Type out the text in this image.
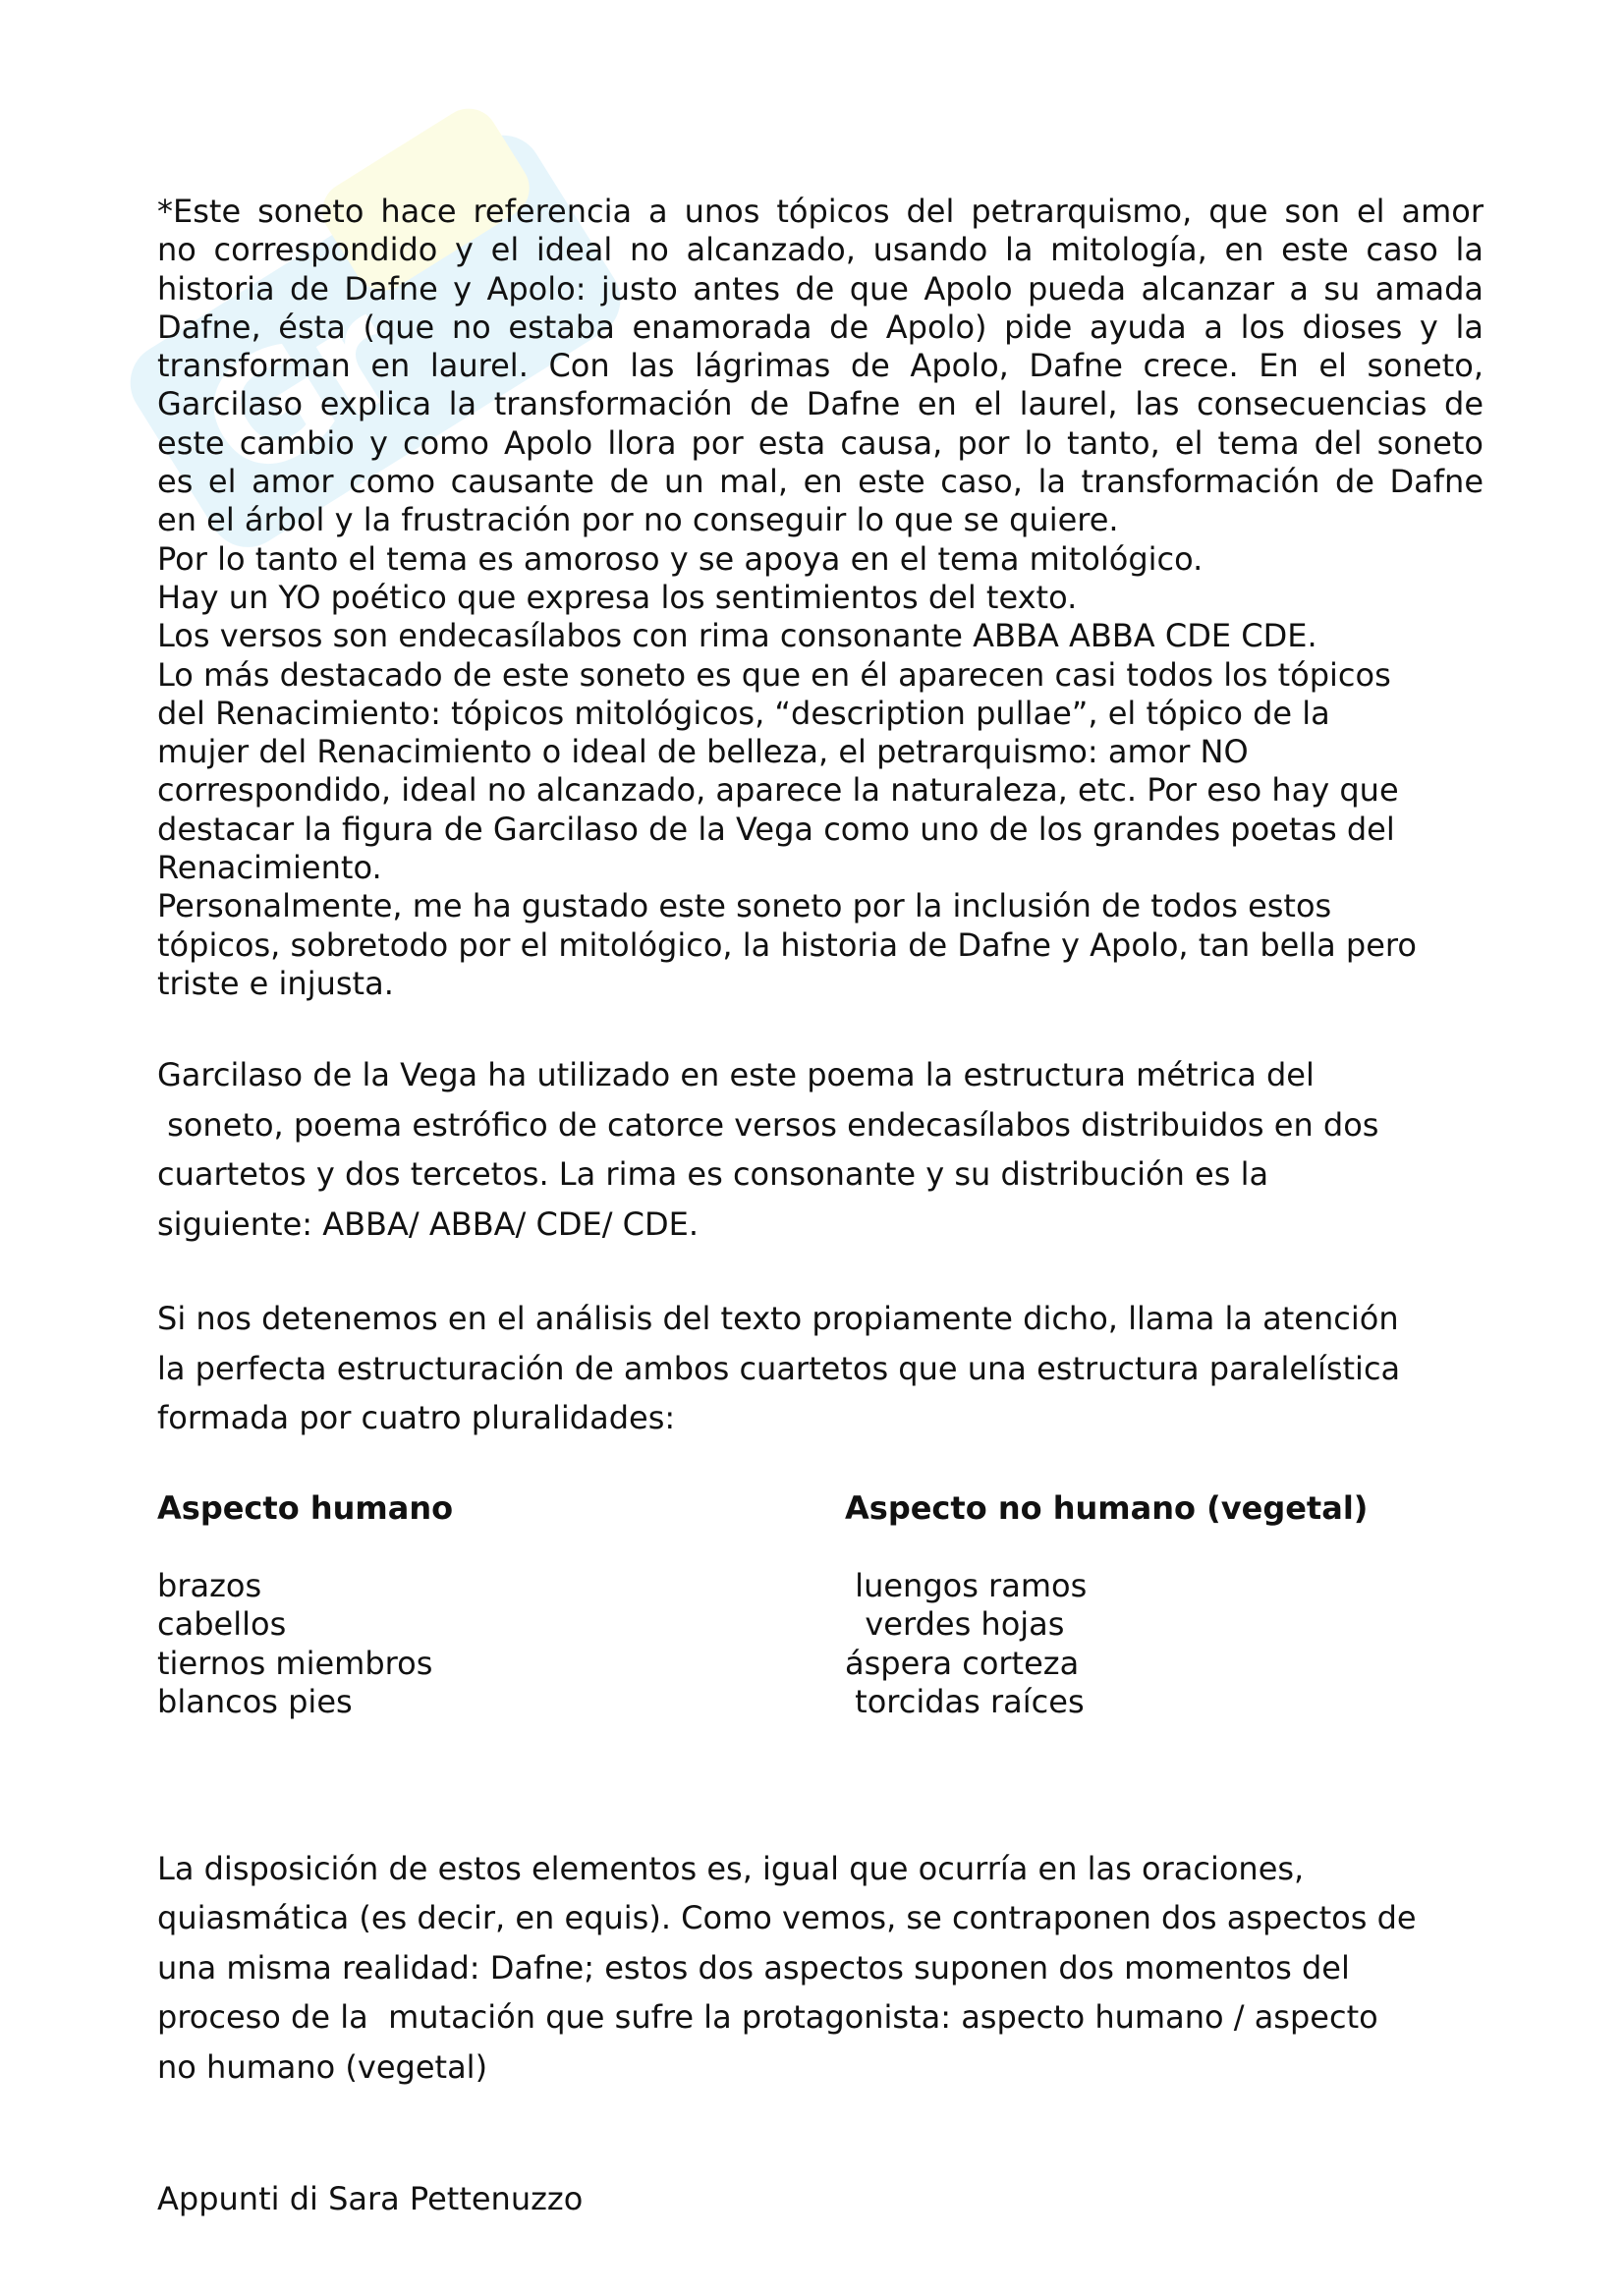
Gr
*Este soneto hace referencia a unos tópicos del petrarquismo, que son el amor
no correspondido y el ideal no alcanzado, usando la mitología, en este caso la
historia de Dafne y Apolo: justo antes de que Apolo pueda alcanzar a su amada
Dafne, ésta (que no estaba enamorada de Apolo) pide ayuda a los dioses y la
transforman en laurel. Con las lágrimas de Apolo, Dafne crece. En el soneto,
Garcilaso explica la transformación de Dafne en el laurel, las consecuencias de
este cambio y como Apolo llora por esta causa, por lo tanto, el tema del soneto
es el amor como causante de un mal, en este caso, la transformación de Dafne
en el árbol y la frustración por no conseguir lo que se quiere.
Por lo tanto el tema es amoroso y se apoya en el tema mitológico.
Hay un YO poético que expresa los sentimientos del texto.
Los versos son endecasílabos con rima consonante ABBA ABBA CDE CDE.
Lo más destacado de este soneto es que en él aparecen casi todos los tópicos
del Renacimiento: tópicos mitológicos, “description pullae”, el tópico de la
mujer del Renacimiento o ideal de belleza, el petrarquismo: amor NO
correspondido, ideal no alcanzado, aparece la naturaleza, etc. Por eso hay que
destacar la figura de Garcilaso de la Vega como uno de los grandes poetas del
Renacimiento.
Personalmente, me ha gustado este soneto por la inclusión de todos estos
tópicos, sobretodo por el mitológico, la historia de Dafne y Apolo, tan bella pero
triste e injusta.

Garcilaso de la Vega ha utilizado en este poema la estructura métrica del

soneto, poema estrófico de catorce versos endecasílabos distribuidos en dos

cuartetos y dos tercetos. La rima es consonante y su distribución es la

siguiente: ABBA/ ABBA/ CDE/ CDE.

Si nos detenemos en el análisis del texto propiamente dicho, llama la atención

la perfecta estructuración de ambos cuartetos que una estructura paralelística

formada por cuatro pluralidades:

Aspecto humano
brazos
cabellos
tiernos miembros
blancos pies
Aspecto no humano (vegetal)
luengos ramos
verdes hojas
áspera corteza
torcidas raíces

La disposición de estos elementos es, igual que ocurría en las oraciones,

quiasmática (es decir, en equis). Como vemos, se contraponen dos aspectos de

una misma realidad: Dafne; estos dos aspectos suponen dos momentos del

proceso de la  mutación que sufre la protagonista: aspecto humano / aspecto

no humano (vegetal)

Appunti di Sara Pettenuzzo
